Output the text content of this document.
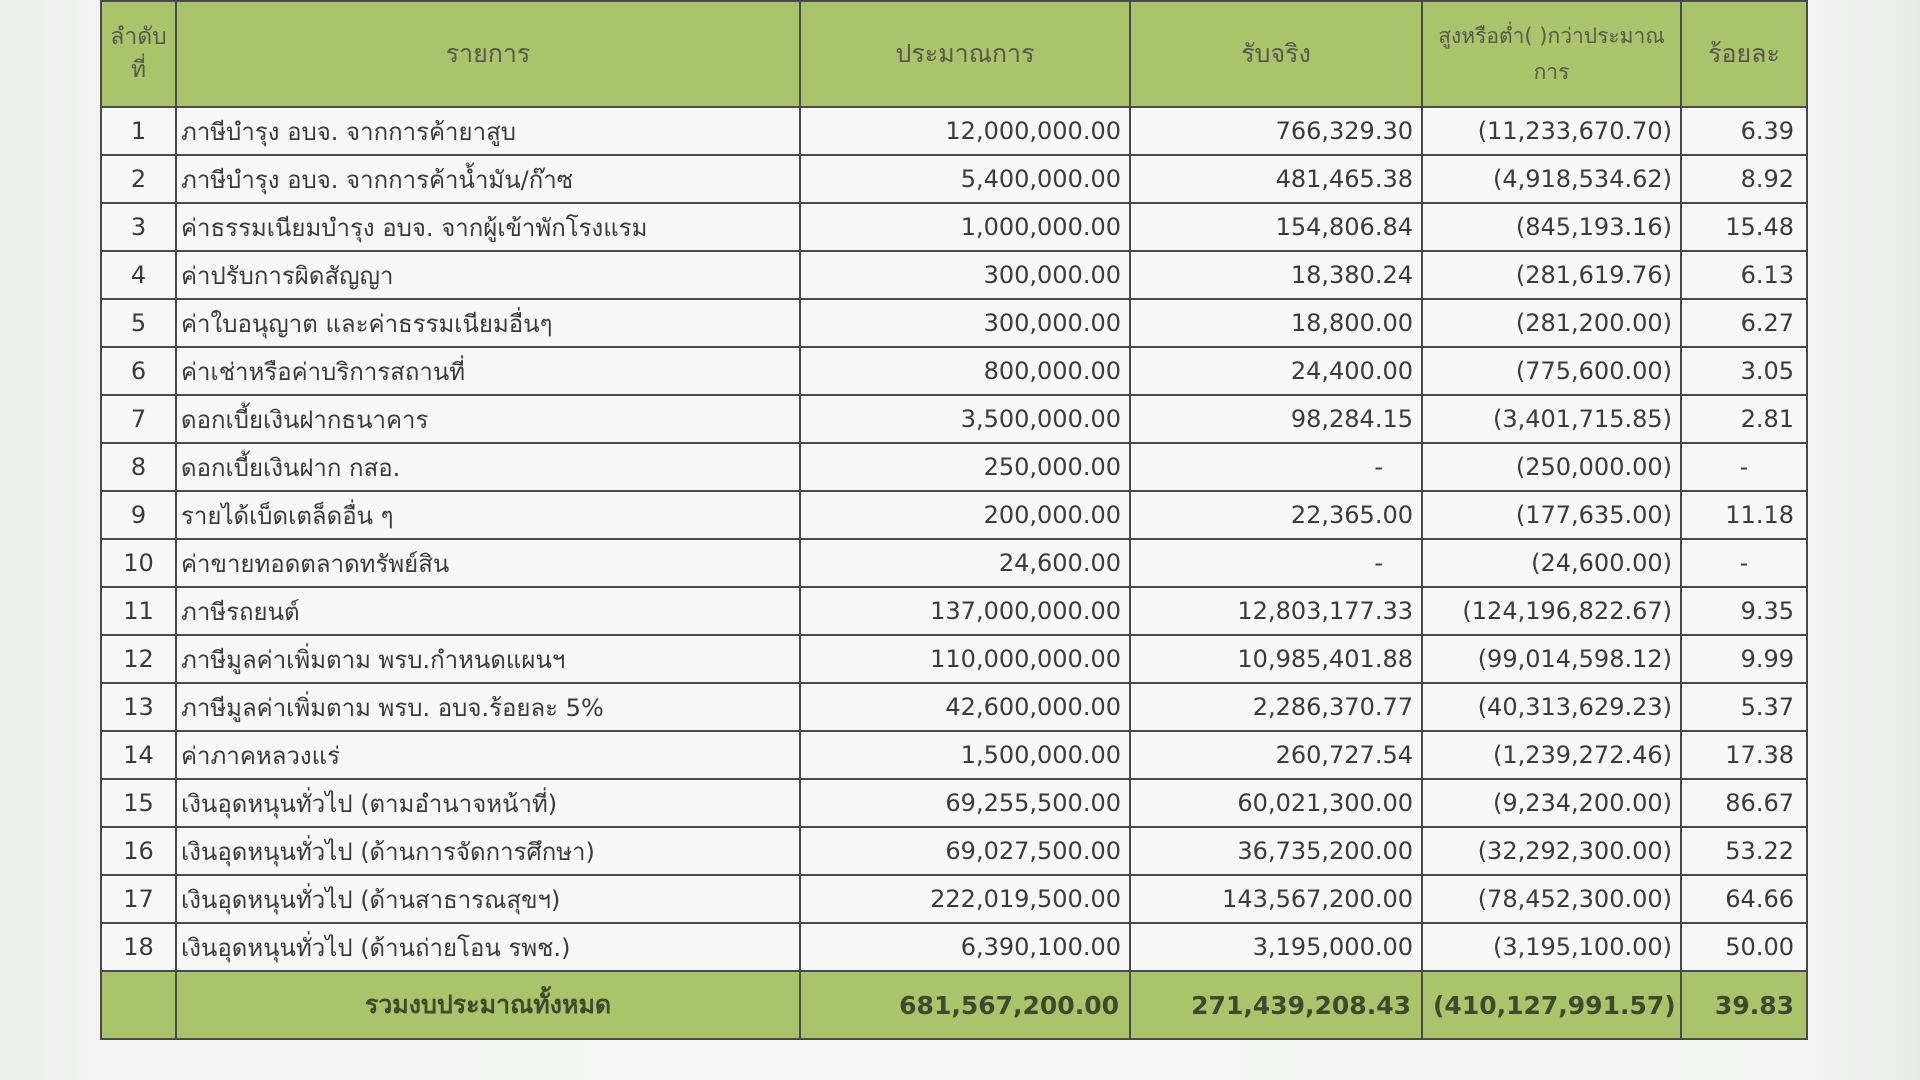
ลำดับที่	รายการ	ประมาณการ	รับจริง	สูงหรือต่ำ( )กว่าประมาณการ	ร้อยละ
1	ภาษีบำรุง อบจ. จากการค้ายาสูบ	12,000,000.00	766,329.30	(11,233,670.70)	6.39
2	ภาษีบำรุง อบจ. จากการค้าน้ำมัน/ก๊าซ	5,400,000.00	481,465.38	(4,918,534.62)	8.92
3	ค่าธรรมเนียมบำรุง อบจ. จากผู้เข้าพักโรงแรม	1,000,000.00	154,806.84	(845,193.16)	15.48
4	ค่าปรับการผิดสัญญา	300,000.00	18,380.24	(281,619.76)	6.13
5	ค่าใบอนุญาต และค่าธรรมเนียมอื่นๆ	300,000.00	18,800.00	(281,200.00)	6.27
6	ค่าเช่าหรือค่าบริการสถานที่	800,000.00	24,400.00	(775,600.00)	3.05
7	ดอกเบี้ยเงินฝากธนาคาร	3,500,000.00	98,284.15	(3,401,715.85)	2.81
8	ดอกเบี้ยเงินฝาก กสอ.	250,000.00	-	(250,000.00)	-
9	รายได้เบ็ดเตล็ดอื่น ๆ	200,000.00	22,365.00	(177,635.00)	11.18
10	ค่าขายทอดตลาดทรัพย์สิน	24,600.00	-	(24,600.00)	-
11	ภาษีรถยนต์	137,000,000.00	12,803,177.33	(124,196,822.67)	9.35
12	ภาษีมูลค่าเพิ่มตาม พรบ.กำหนดแผนฯ	110,000,000.00	10,985,401.88	(99,014,598.12)	9.99
13	ภาษีมูลค่าเพิ่มตาม พรบ. อบจ.ร้อยละ 5%	42,600,000.00	2,286,370.77	(40,313,629.23)	5.37
14	ค่าภาคหลวงแร่	1,500,000.00	260,727.54	(1,239,272.46)	17.38
15	เงินอุดหนุนทั่วไป (ตามอำนาจหน้าที่)	69,255,500.00	60,021,300.00	(9,234,200.00)	86.67
16	เงินอุดหนุนทั่วไป (ด้านการจัดการศึกษา)	69,027,500.00	36,735,200.00	(32,292,300.00)	53.22
17	เงินอุดหนุนทั่วไป (ด้านสาธารณสุขฯ)	222,019,500.00	143,567,200.00	(78,452,300.00)	64.66
18	เงินอุดหนุนทั่วไป (ด้านถ่ายโอน รพช.)	6,390,100.00	3,195,000.00	(3,195,100.00)	50.00
	รวมงบประมาณทั้งหมด	681,567,200.00	271,439,208.43	(410,127,991.57)	39.83
